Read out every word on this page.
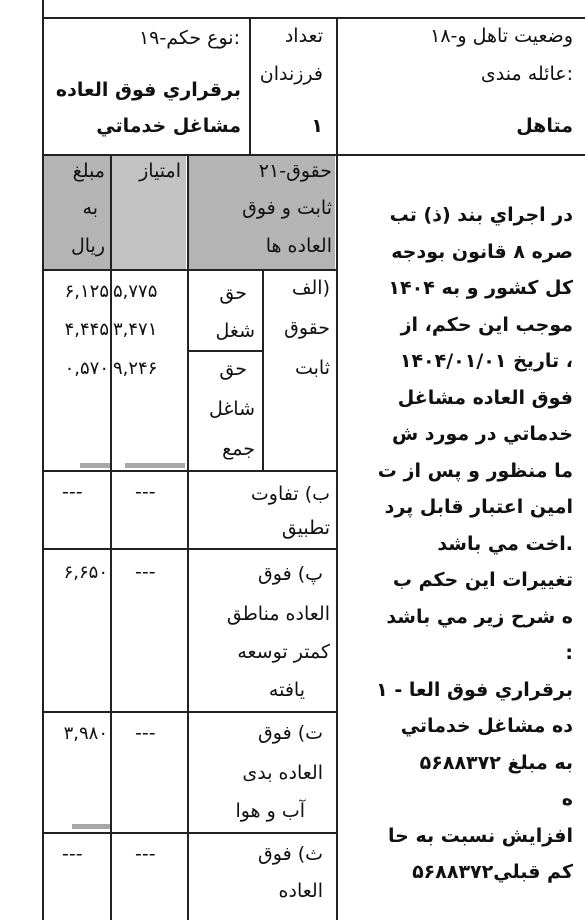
۱۸-وضعیت تاهل و
عائله مندی:
متاهل
تعداد
فرزندان
۱
۱۹-نوع حکم:
برقراري فوق العاده
مشاغل خدماتي
۲۱-حقوق
ثابت و فوق
العاده ها
امتیاز
مبلغ
به
ریال
در اجراي بند (ذ) تب
صره ۸ قانون بودجه
۱۴۰۴ کل کشور و به
موجب این حکم، از
تاریخ ۱۴۰۴/۰۱/۰۱ ،
فوق العاده مشاغل
خدماتي در مورد ش
ما منظور و پس از ت
امین اعتبار قابل پرد
اخت مي باشد.
تغییرات این حکم ب
ه شرح زیر مي باشد
:
۱ - برقراري فوق العا
ده مشاغل خدماتي
به مبلغ ۵۶۸۸۳۷۲
ه
افزایش نسبت به حا
کم قبلي۵۶۸۸۳۷۲
الف)
حقوق
ثابت
حق
شغل
حق
شاغل
جمع
۵,۷۷۵
۳,۴۷۱
۹,۲۴۶
۶,۱۲۵
۴,۴۴۵
۰,۵۷۰
ب) تفاوت
تطبیق
---
---
پ) فوق
العاده مناطق
کمتر توسعه
یافته
---
۶,۶۵۰
ت) فوق
العاده بدی
آب و هوا
---
۳,۹۸۰
ث) فوق
العاده
---
---
